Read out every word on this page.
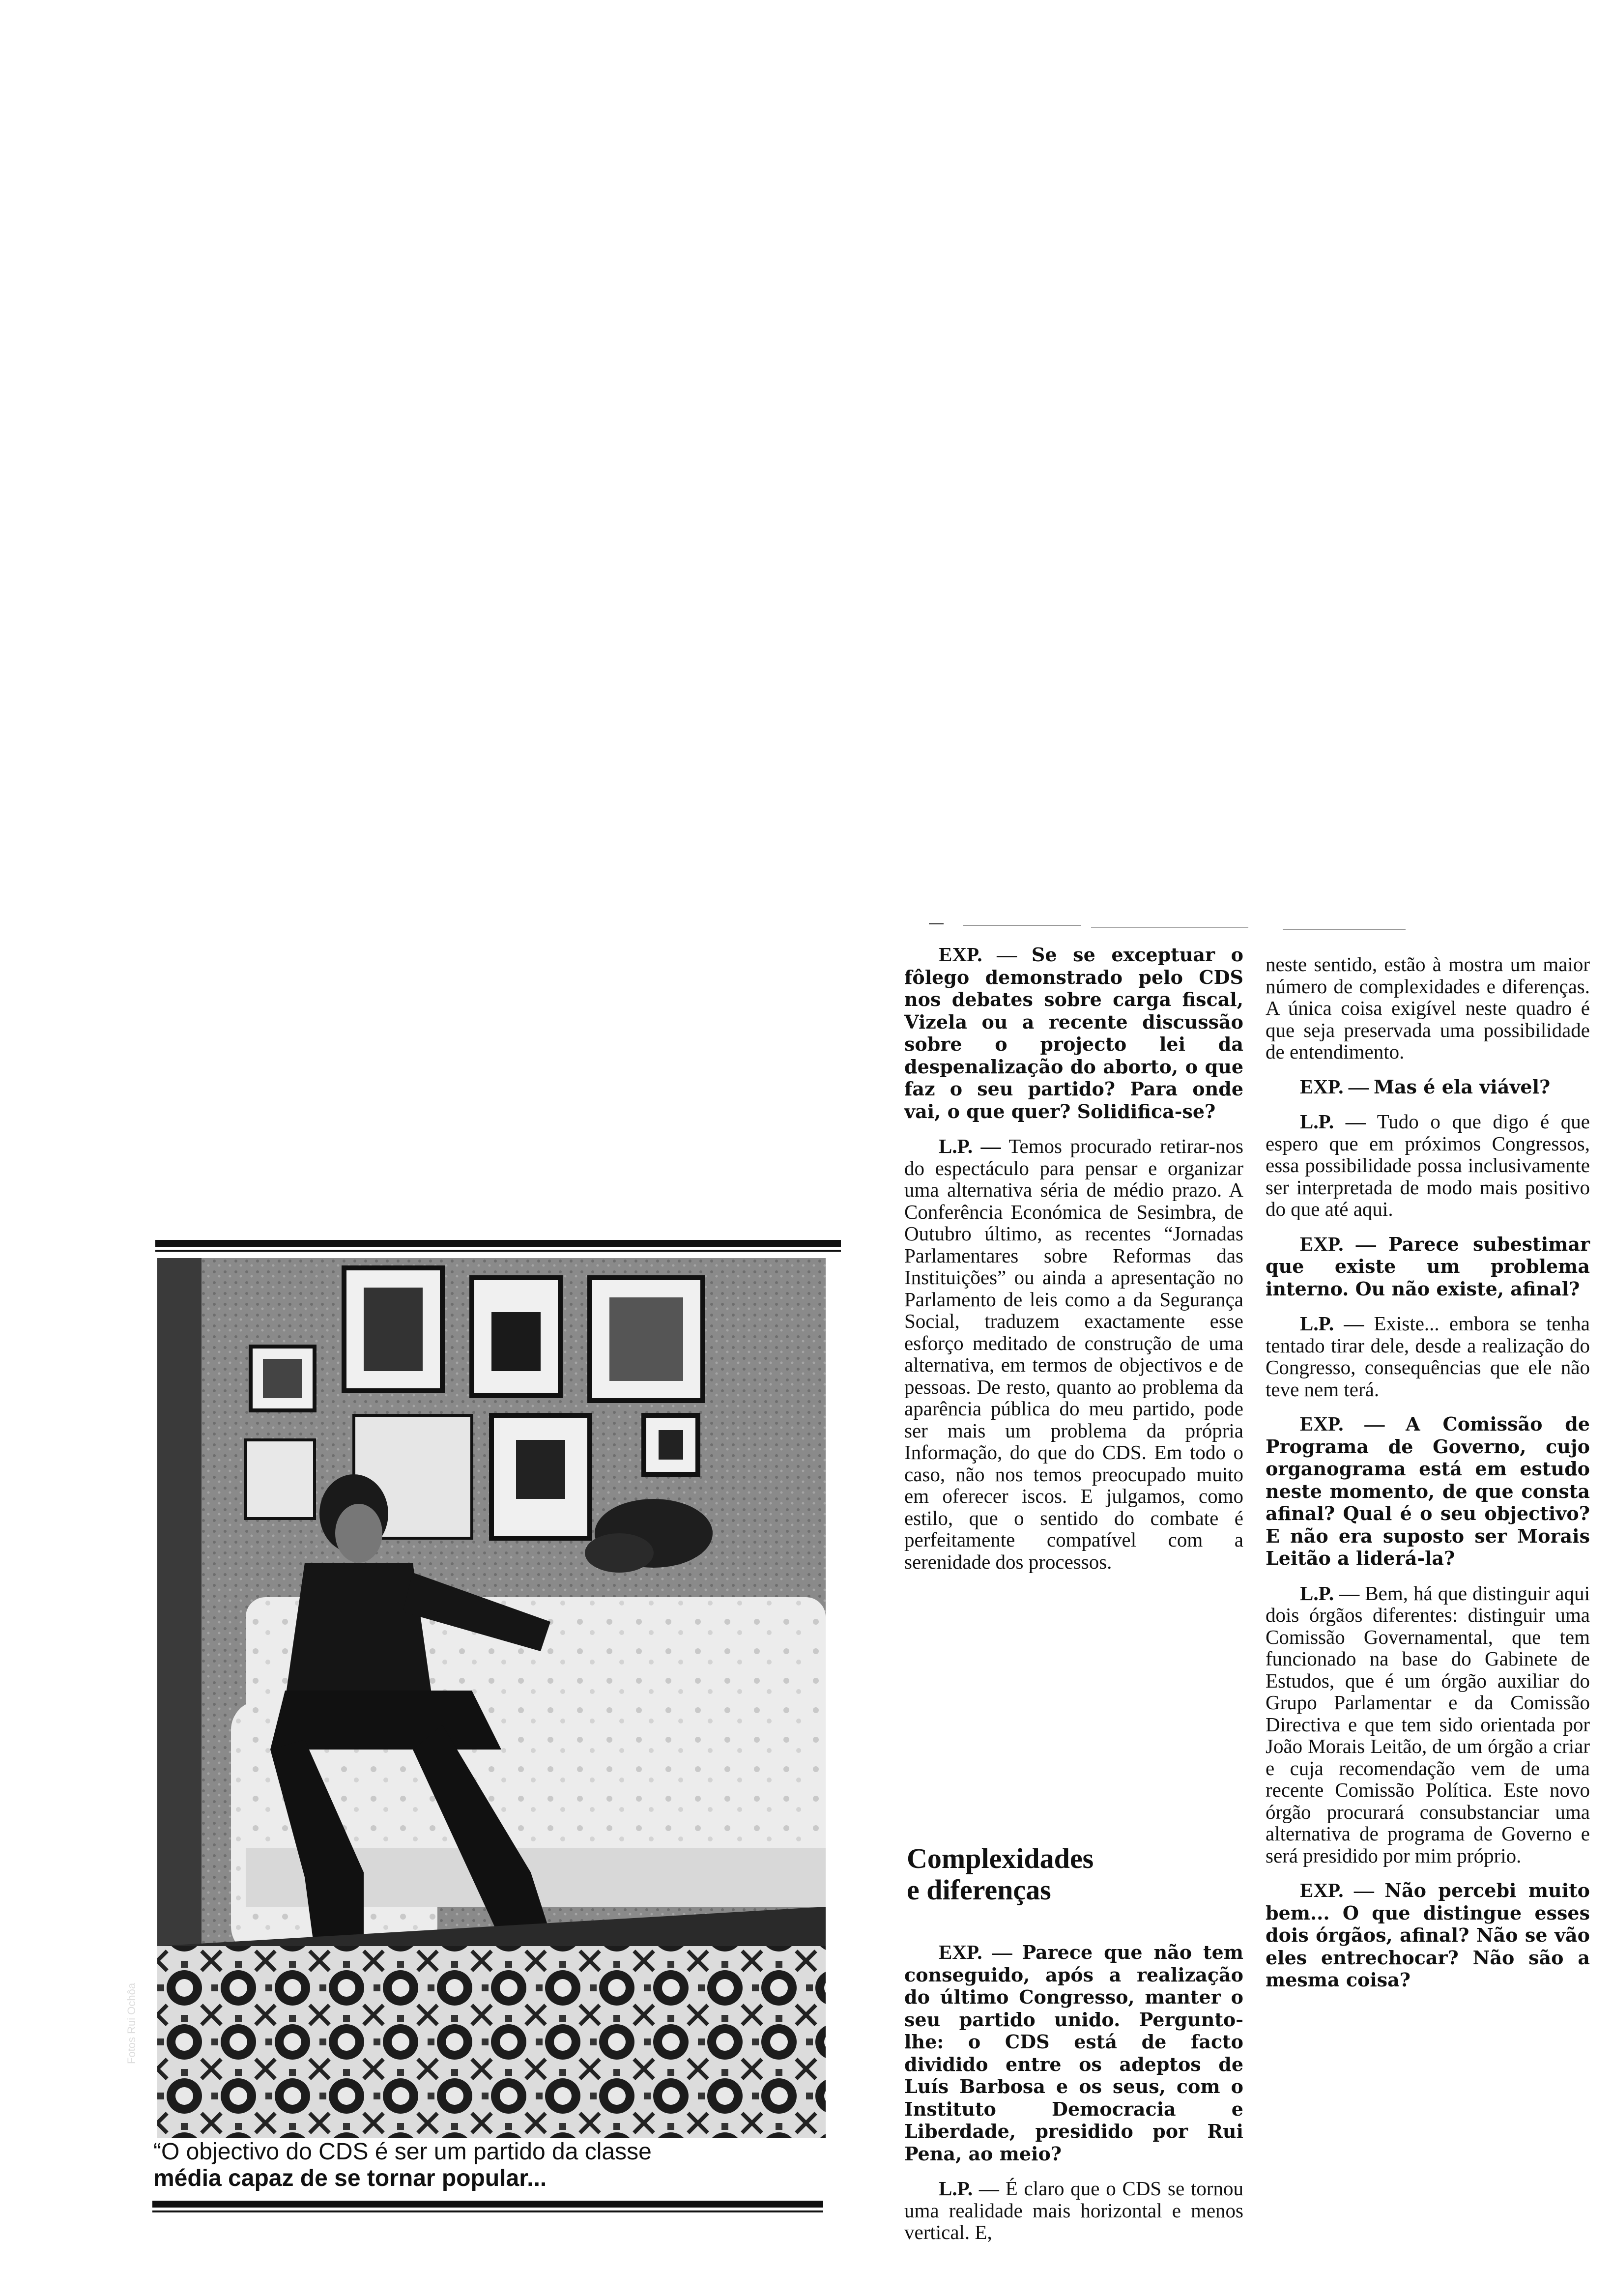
Fotos Rui Ochôa
“O objectivo do CDS é ser um partido da classe
média capaz de se tornar popular...

EXP. — Se se exceptuar o fôlego demonstrado pelo CDS nos debates sobre carga fiscal, Vizela ou a recente discussão sobre o projecto lei da despenalização do aborto, o que faz o seu partido? Para onde vai, o que quer? Solidifica-se?

L.P. — Temos procurado retirar-nos do espectáculo para pensar e organizar uma alternativa séria de médio prazo. A Conferência Económica de Sesimbra, de Outubro último, as recentes “Jornadas Parlamentares sobre Reformas das Instituições” ou ainda a apresentação no Parlamento de leis como a da Segurança Social, traduzem exactamente esse esforço meditado de construção de uma alternativa, em termos de objectivos e de pessoas. De resto, quanto ao problema da aparência pública do meu partido, pode ser mais um problema da própria Informação, do que do CDS. Em todo o caso, não nos temos preocupado muito em oferecer iscos. E julgamos, como estilo, que o sentido do combate é perfeitamente compatível com a serenidade dos processos.

Complexidades
e diferenças

EXP. — Parece que não tem conseguido, após a realização do último Congresso, manter o seu partido unido. Pergunto-lhe: o CDS está de facto dividido entre os adeptos de Luís Barbosa e os seus, com o Instituto Democracia e Liberdade, presidido por Rui Pena, ao meio?

L.P. — É claro que o CDS se tornou uma realidade mais horizontal e menos vertical. E,

neste sentido, estão à mostra um maior número de complexidades e diferenças. A única coisa exigível neste quadro é que seja preservada uma possibilidade de entendimento.

EXP. — Mas é ela viável?

L.P. — Tudo o que digo é que espero que em próximos Congressos, essa possibilidade possa inclusivamente ser interpretada de modo mais positivo do que até aqui.

EXP. — Parece subestimar que existe um problema interno. Ou não existe, afinal?

L.P. — Existe... embora se tenha tentado tirar dele, desde a realização do Congresso, consequências que ele não teve nem terá.

EXP. — A Comissão de Programa de Governo, cujo organograma está em estudo neste momento, de que consta afinal? Qual é o seu objectivo? E não era suposto ser Morais Leitão a liderá-la?

L.P. — Bem, há que distinguir aqui dois órgãos diferentes: distinguir uma Comissão Governamental, que tem funcionado na base do Gabinete de Estudos, que é um órgão auxiliar do Grupo Parlamentar e da Comissão Directiva e que tem sido orientada por João Morais Leitão, de um órgão a criar e cuja recomendação vem de uma recente Comissão Política. Este novo órgão procurará consubstanciar uma alternativa de programa de Governo e será presidido por mim próprio.

EXP. — Não percebi muito bem... O que distingue esses dois órgãos, afinal? Não se vão eles entrechocar? Não são a mesma coisa?
